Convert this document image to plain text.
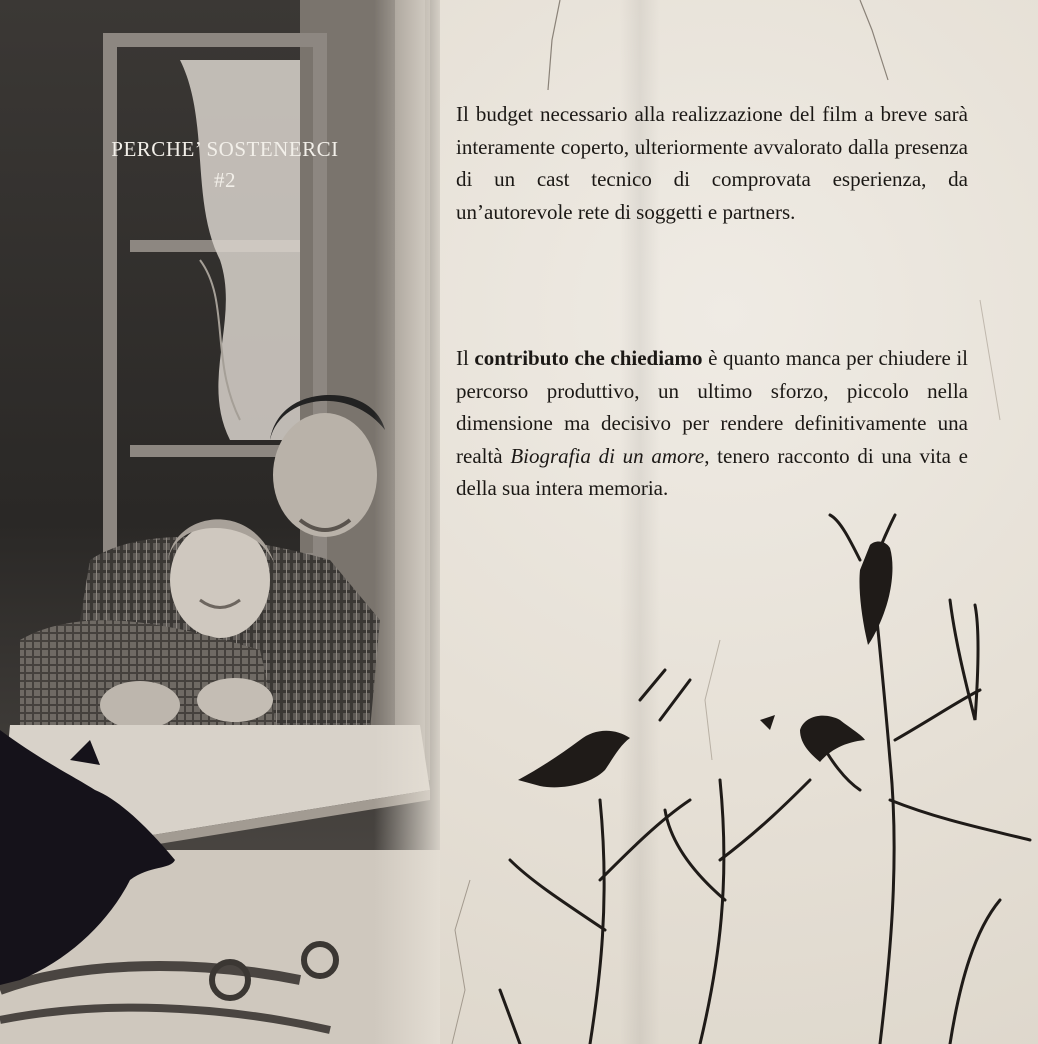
PERCHE’ SOSTENERCI
#2
Il budget necessario alla realizzazione del film a breve sarà interamente coperto, ulteriormente avvalorato dalla presenza di un cast tecnico di comprovata esperienza, da un’autorevole rete di soggetti e partners.
Il contributo che chiediamo è quanto manca per chiudere il percorso produttivo, un ultimo sforzo, piccolo nella dimensione ma decisivo per rendere definitivamente una realtà Biografia di un amore, tenero racconto di una vita e della sua intera memoria.
